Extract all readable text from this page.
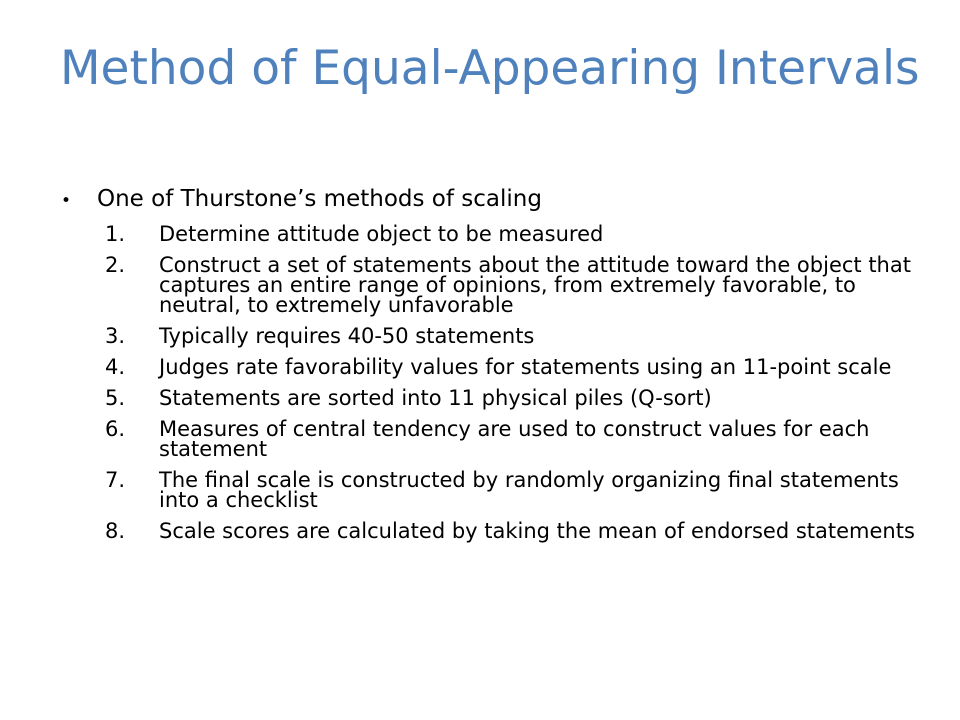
Method of Equal-Appearing Intervals
•	One of Thurstone’s methods of scaling
1.	Determine attitude object to be measured
2.	Construct a set of statements about the attitude toward the object that captures an entire range of opinions, from extremely favorable, to neutral, to extremely unfavorable
3.	Typically requires 40-50 statements
4.	Judges rate favorability values for statements using an 11-point scale
5.	Statements are sorted into 11 physical piles (Q-sort)
6.	Measures of central tendency are used to construct values for each statement
7.	The final scale is constructed by randomly organizing final statements into a checklist
8.	Scale scores are calculated by taking the mean of endorsed statements
